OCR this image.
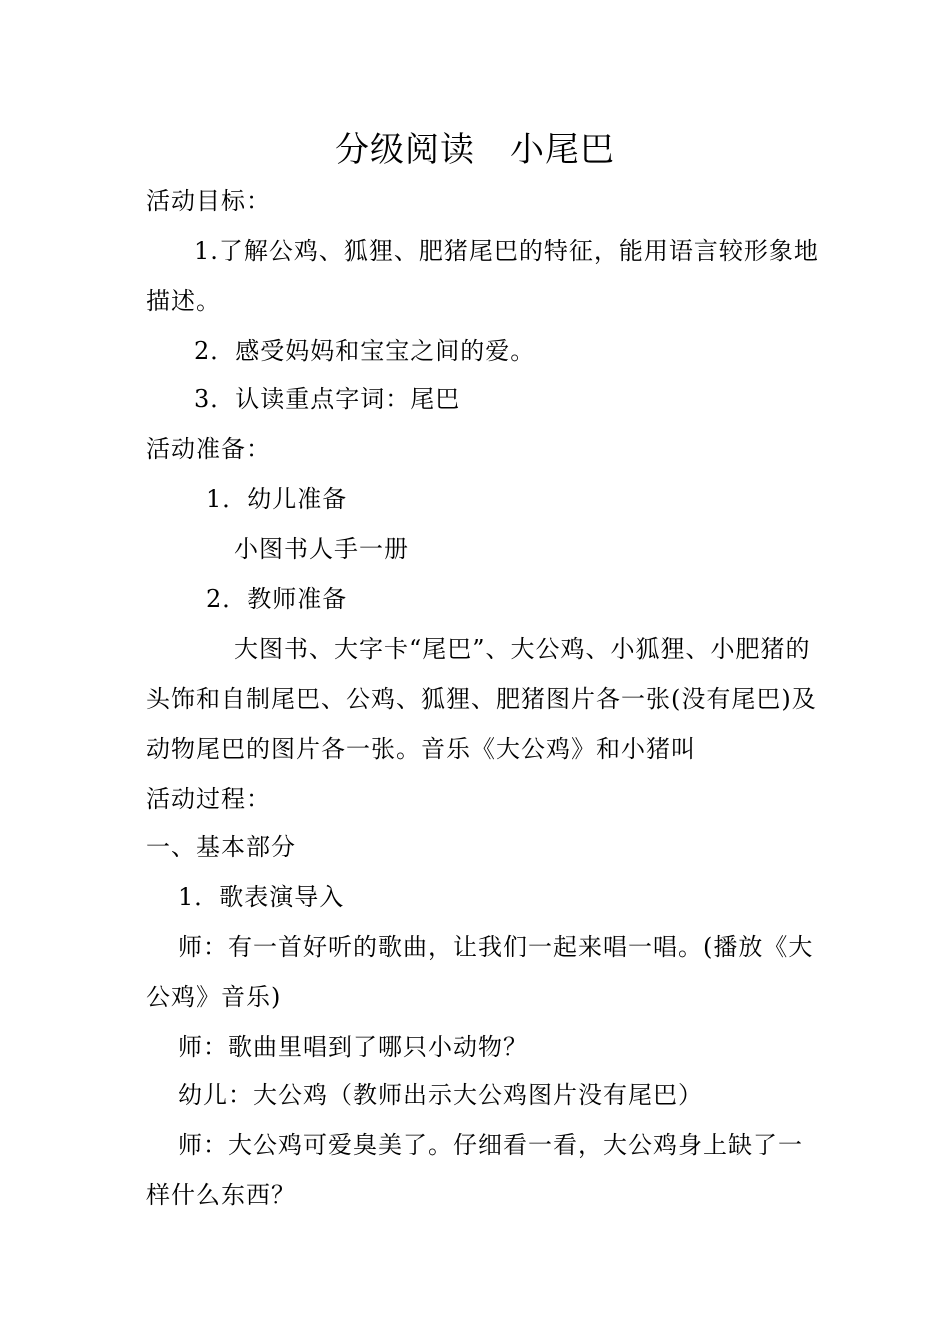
分级阅读　小尾巴
活动目标：
1.了解公鸡、狐狸、肥猪尾巴的特征，能用语言较形象地
描述。
2．感受妈妈和宝宝之间的爱。
3．认读重点字词：尾巴
活动准备：
1．幼儿准备
小图书人手一册
2．教师准备
大图书、大字卡“尾巴”、大公鸡、小狐狸、小肥猪的
头饰和自制尾巴、公鸡、狐狸、肥猪图片各一张(没有尾巴)及
动物尾巴的图片各一张。音乐《大公鸡》和小猪叫
活动过程：
一、基本部分
1．歌表演导入
师：有一首好听的歌曲，让我们一起来唱一唱。(播放《大
公鸡》音乐)
师：歌曲里唱到了哪只小动物？
幼儿：大公鸡（教师出示大公鸡图片没有尾巴）
师：大公鸡可爱臭美了。仔细看一看，大公鸡身上缺了一
样什么东西？
